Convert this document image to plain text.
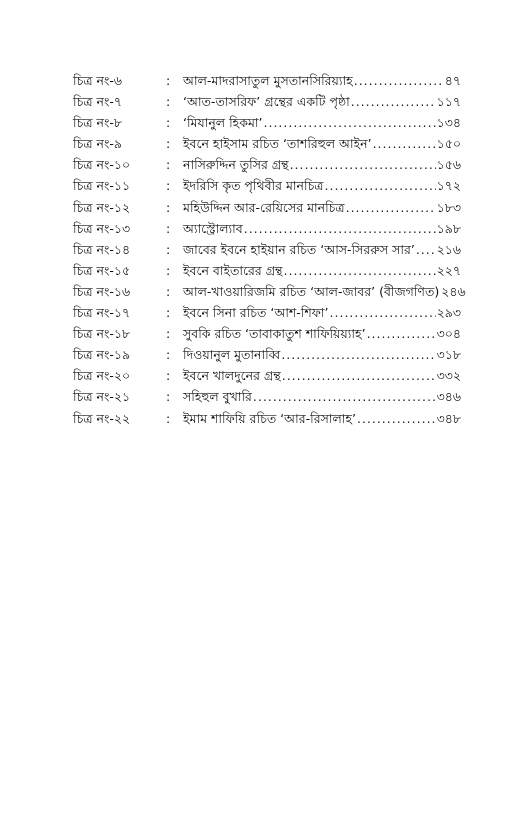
চিত্র নং-৬	:	আল-মাদরাসাতুল মুসতানসিরিয়্যাহ .....	৪৭
চিত্র নং-৭	:	‘আত-তাসরিফ’ গ্রন্থের একটি পৃষ্ঠা .....	১১৭
চিত্র নং-৮	:	‘মিযানুল হিকমা’ .....	১৩৪
চিত্র নং-৯	:	ইবনে হাইসাম রচিত ‘তাশরিহুল আইন’ .....	১৫০
চিত্র নং-১০	:	নাসিরুদ্দিন তুসির গ্রন্থ .....	১৫৬
চিত্র নং-১১	:	ইদরিসি কৃত পৃথিবীর মানচিত্র .....	১৭২
চিত্র নং-১২	:	মহিউদ্দিন আর-রেয়িসের মানচিত্র .....	১৮৩
চিত্র নং-১৩	:	অ্যাস্ট্রোল্যাব .....	১৯৮
চিত্র নং-১৪	:	জাবের ইবনে হাইয়ান রচিত ‘আস-সিররুস সার’ ..... ২১৬
চিত্র নং-১৫	:	ইবনে বাইতারের গ্রন্থ .....	২২৭
চিত্র নং-১৬	:	আল-খাওয়ারিজমি রচিত ‘আল-জাবর’ (বীজগণিত) ২৪৬
চিত্র নং-১৭	:	ইবনে সিনা রচিত ‘আশ-শিফা’ .....	২৯৩
চিত্র নং-১৮	:	সুবকি রচিত ‘তাবাকাতুশ শাফিয়িয়্যাহ’ .....	৩০৪
চিত্র নং-১৯	:	দিওয়ানুল মুতানাব্বি .....	৩১৮
চিত্র নং-২০	:	ইবনে খালদুনের গ্রন্থ .....	৩৩২
চিত্র নং-২১	:	সহিহুল বুখারি .....	৩৪৬
চিত্র নং-২২	:	ইমাম শাফিয়ি রচিত ‘আর-রিসালাহ’ .....	৩৪৮
